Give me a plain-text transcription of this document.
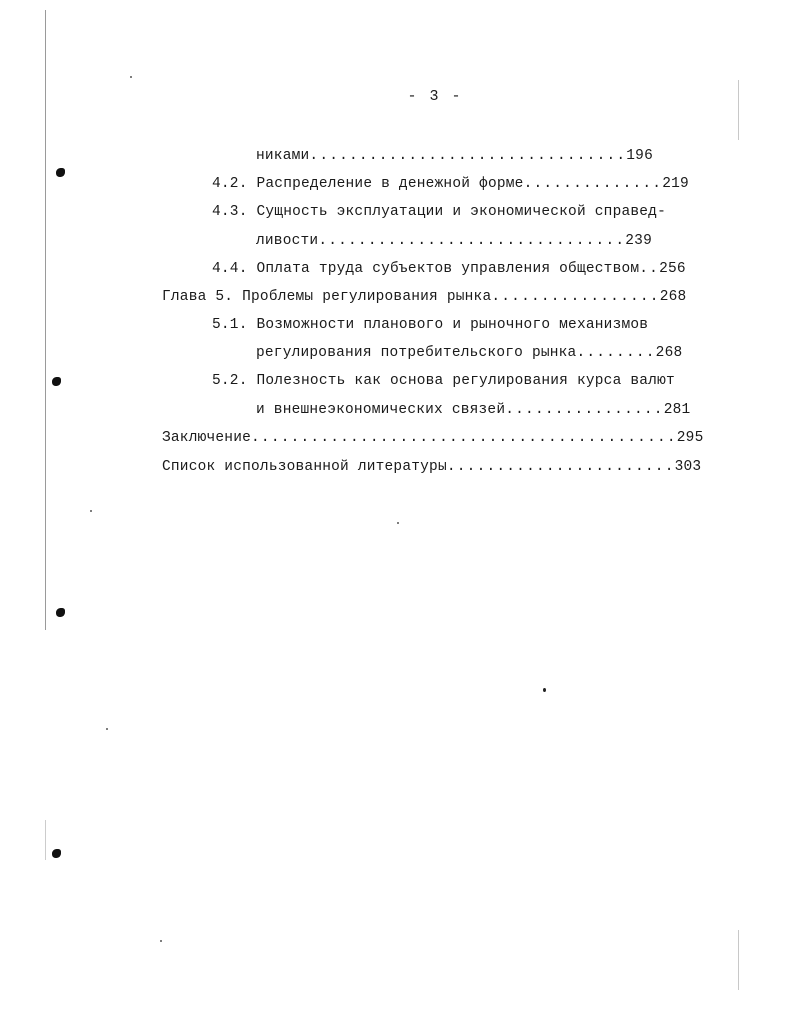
- 3 -
никами................................196
4.2. Распределение в денежной форме..............219
4.3. Сущность эксплуатации и экономической справед-
ливости...............................239
4.4. Оплата труда субъектов управления обществом..256
Глава 5. Проблемы регулирования рынка.................268
5.1. Возможности планового и рыночного механизмов
регулирования потребительского рынка........268
5.2. Полезность как основа регулирования курса валют
и внешнеэкономических связей................281
Заключение...........................................295
Список использованной литературы.......................303
